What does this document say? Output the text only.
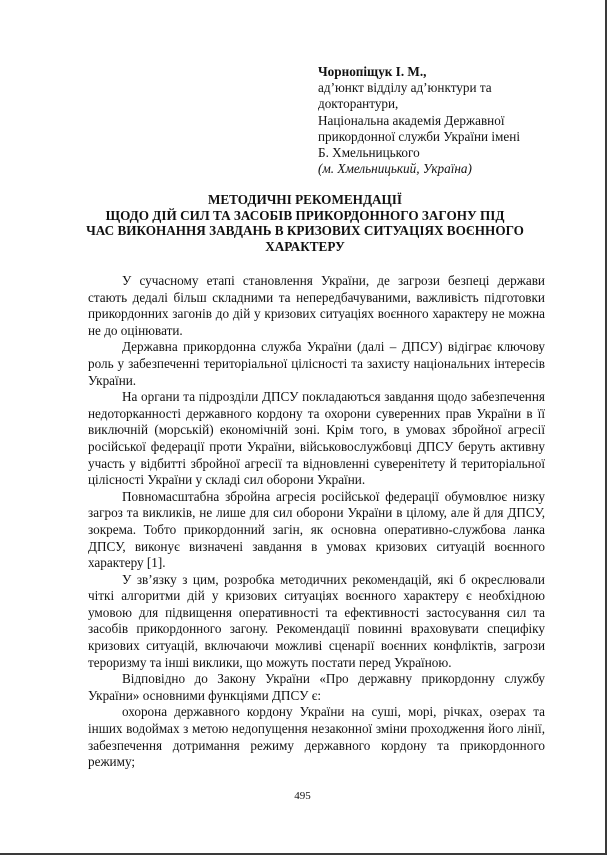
Чорнопіщук І. М.,
ад’юнкт відділу ад’юнктури та
докторантури,
Національна академія Державної
прикордонної служби України імені
Б. Хмельницького
(м. Хмельницький, Україна)
МЕТОДИЧНІ РЕКОМЕНДАЦІЇ
ЩОДО ДІЙ СИЛ ТА ЗАСОБІВ ПРИКОРДОННОГО ЗАГОНУ ПІД
ЧАС ВИКОНАННЯ ЗАВДАНЬ В КРИЗОВИХ СИТУАЦІЯХ ВОЄННОГО
ХАРАКТЕРУ

У сучасному етапі становлення України, де загрози безпеці держави стають дедалі більш складними та непередбачуваними, важливість підготовки прикордонних загонів до дій у кризових ситуаціях воєнного характеру не можна не до оцінювати.

Державна прикордонна служба України (далі – ДПСУ) відіграє ключову роль у забезпеченні територіальної цілісності та захисту національних інтересів України.

На органи та підрозділи ДПСУ покладаються завдання щодо забезпечення недоторканності державного кордону та охорони суверенних прав України в її виключній (морській) економічній зоні. Крім того, в умовах збройної агресії російської федерації проти України, військовослужбовці ДПСУ беруть активну участь у відбитті збройної агресії та відновленні суверенітету й територіальної цілісності України у складі сил оборони України.

Повномасштабна збройна агресія російської федерації обумовлює низку загроз та викликів, не лише для сил оборони України в цілому, але й для ДПСУ, зокрема. Тобто прикордонний загін, як основна оперативно-службова ланка ДПСУ, виконує визначені завдання в умовах кризових ситуацій воєнного характеру [1].

У зв’язку з цим, розробка методичних рекомендацій, які б окреслювали чіткі алгоритми дій у кризових ситуаціях воєнного характеру є необхідною умовою для підвищення оперативності та ефективності застосування сил та засобів прикордонного загону. Рекомендації повинні враховувати специфіку кризових ситуацій, включаючи можливі сценарії воєнних конфліктів, загрози тероризму та інші виклики, що можуть постати перед Україною.

Відповідно до Закону України «Про державну прикордонну службу України» основними функціями ДПСУ є:

охорона державного кордону України на суші, морі, річках, озерах та інших водоймах з метою недопущення незаконної зміни проходження його лінії, забезпечення дотримання режиму державного кордону та прикордонного режиму;

495
